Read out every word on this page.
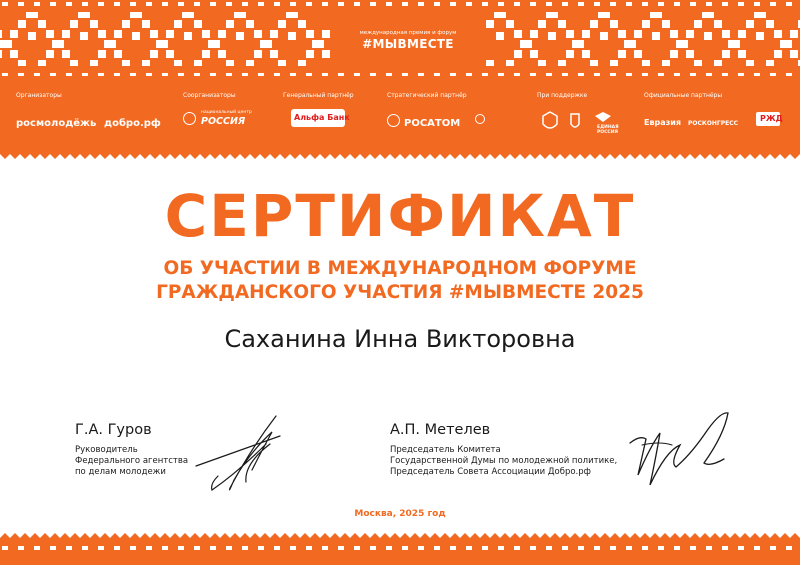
международная премия и форум
#МЫВМЕСТЕ
Организаторы
росмолодёжь добро.рф
Соорганизаторы
национальный центр
РОССИЯ
Генеральный партнёр
Альфа Банк
Стратегический партнёр
РОСАТОМ
При поддержке
ЕДИНАЯ РОССИЯ
Официальные партнёры
Евразия РОСКОНГРЕСС
РЖД
СЕРТИФИКАТ
ОБ УЧАСТИИ В МЕЖДУНАРОДНОМ ФОРУМЕ
ГРАЖДАНСКОГО УЧАСТИЯ #МЫВМЕСТЕ 2025
Саханина Инна Викторовна
Г.А. Гуров
Руководитель
Федерального агентства
по делам молодежи
А.П. Метелев
Председатель Комитета
Государственной Думы по молодежной политике,
Председатель Совета Ассоциации Добро.рф
Москва, 2025 год
